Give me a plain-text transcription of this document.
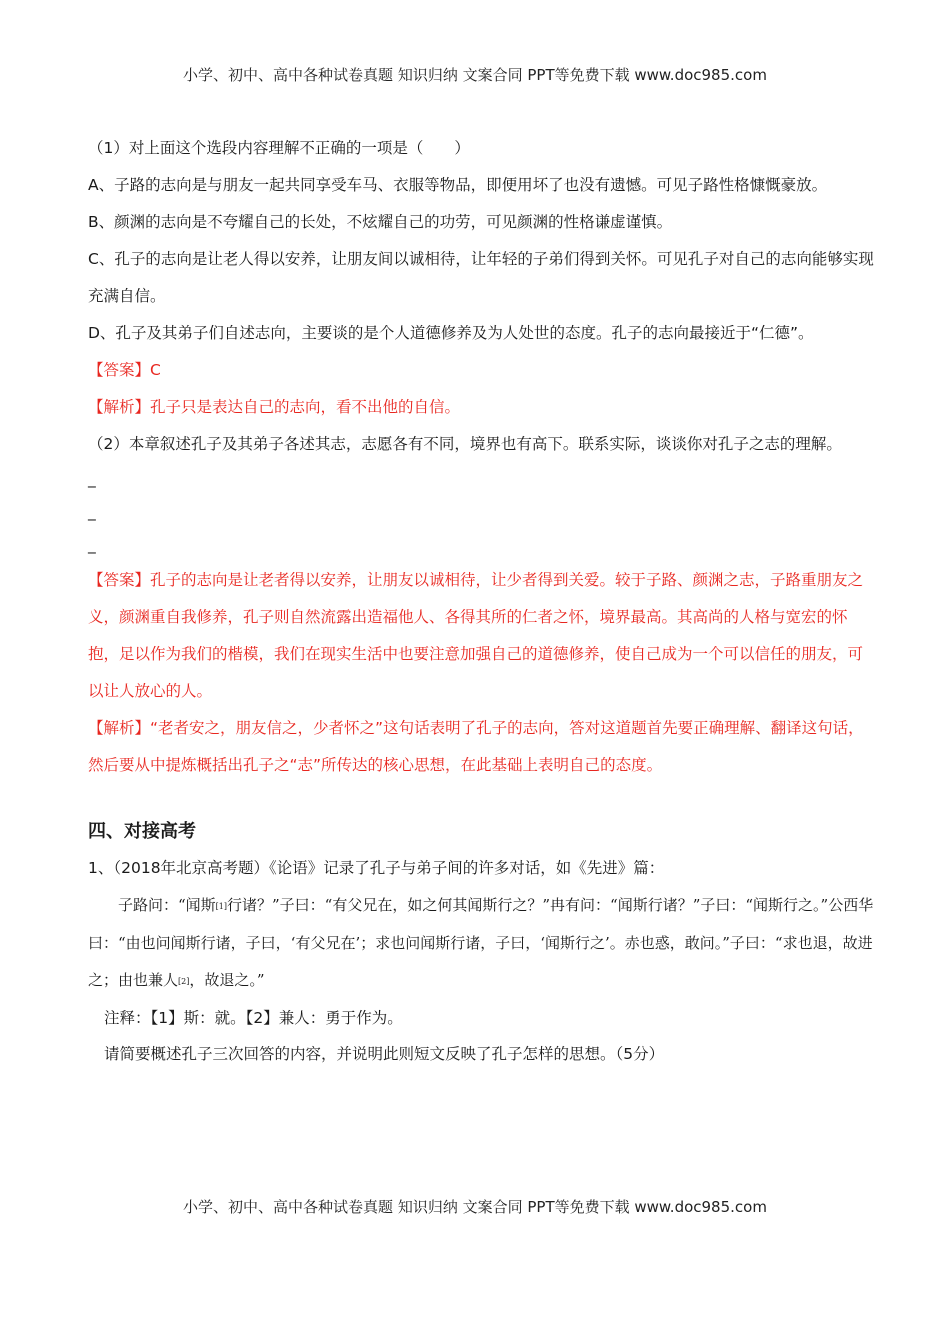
小学、初中、高中各种试卷真题 知识归纳 文案合同 PPT等免费下载 www.doc985.com

（1）对上面这个选段内容理解不正确的一项是（　　）

A、子路的志向是与朋友一起共同享受车马、衣服等物品，即便用坏了也没有遗憾。可见子路性格慷慨豪放。

B、颜渊的志向是不夸耀自己的长处，不炫耀自己的功劳，可见颜渊的性格谦虚谨慎。

C、孔子的志向是让老人得以安养，让朋友间以诚相待，让年轻的子弟们得到关怀。可见孔子对自己的志向能够实现充满自信。

D、孔子及其弟子们自述志向，主要谈的是个人道德修养及为人处世的态度。孔子的志向最接近于“仁德”。

【答案】C

【解析】孔子只是表达自己的志向，看不出他的自信。

（2）本章叙述孔子及其弟子各述其志，志愿各有不同，境界也有高下。联系实际，谈谈你对孔子之志的理解。

_

_

_

【答案】孔子的志向是让老者得以安养，让朋友以诚相待，让少者得到关爱。较于子路、颜渊之志，子路重朋友之义，颜渊重自我修养，孔子则自然流露出造福他人、各得其所的仁者之怀，境界最高。其高尚的人格与宽宏的怀抱，足以作为我们的楷模，我们在现实生活中也要注意加强自己的道德修养，使自己成为一个可以信任的朋友，可以让人放心的人。

【解析】“老者安之，朋友信之，少者怀之”这句话表明了孔子的志向，答对这道题首先要正确理解、翻译这句话，然后要从中提炼概括出孔子之“志”所传达的核心思想，在此基础上表明自己的态度。

四、对接高考

1、（2018年北京高考题）《论语》记录了孔子与弟子间的许多对话，如《先进》篇：

子路问：“闻斯[1]行诸？”子曰：“有父兄在，如之何其闻斯行之？”冉有问：“闻斯行诸？”子曰：“闻斯行之。”公西华曰：“由也问闻斯行诸，子曰，‘有父兄在’；求也问闻斯行诸，子曰，‘闻斯行之’。赤也惑，敢问。”子曰：“求也退，故进之；由也兼人[2]，故退之。”

注释：【1】斯：就。【2】兼人：勇于作为。

请简要概述孔子三次回答的内容，并说明此则短文反映了孔子怎样的思想。（5分）

小学、初中、高中各种试卷真题 知识归纳 文案合同 PPT等免费下载 www.doc985.com
